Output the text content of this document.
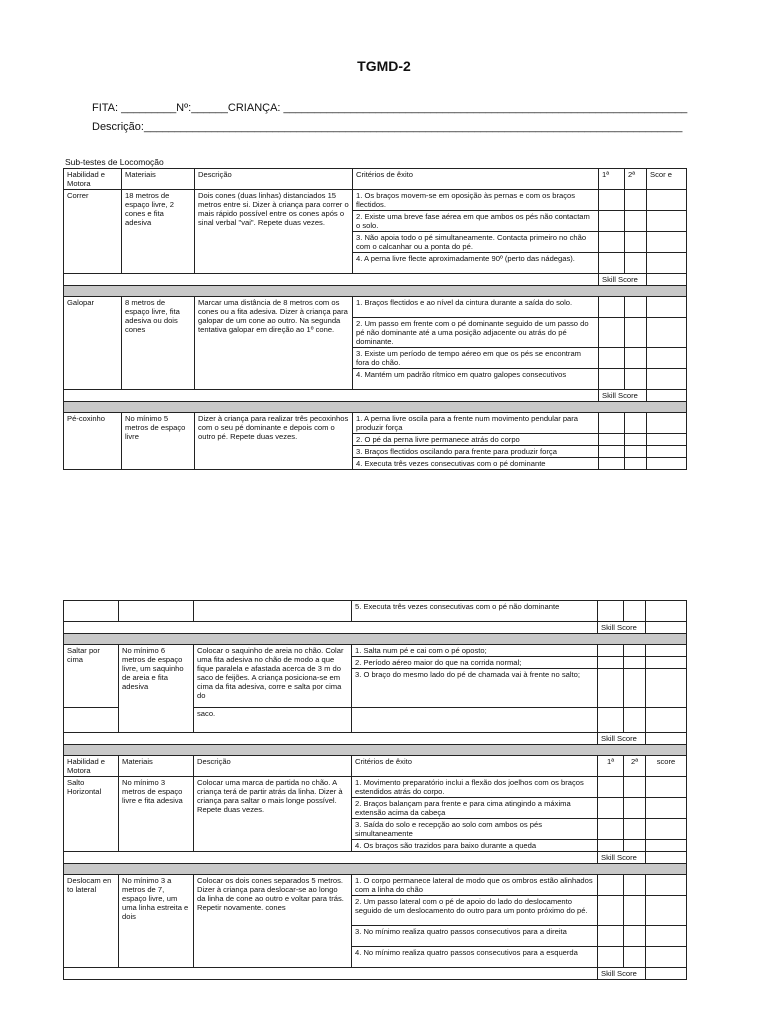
TGMD-2
FITA: _________Nº:______CRIANÇA: __________________________________________________________________
Descrição:________________________________________________________________________________________
Sub-testes de Locomoção
Habilidad e Motora	Materiais	Descrição	Critérios de êxito	1ª	2ª	Scor e
Correr	18 metros de espaço livre, 2 cones e fita adesiva	Dois cones (duas linhas) distanciados 15 metros entre si. Dizer à criança para correr o mais rápido possível entre os cones após o sinal verbal "vai". Repete duas vezes.	1. Os braços movem-se em oposição às pernas e com os braços flectidos.			
			2. Existe uma breve fase aérea em que ambos os pés não contactam o solo.			
			3. Não apoia todo o pé simultaneamente. Contacta primeiro no chão com o calcanhar ou a ponta do pé.			
			4. A perna livre flecte aproximadamente 90º (perto das nádegas).			
				Skill Score		

Galopar	8 metros de espaço livre, fita adesiva ou dois cones	Marcar uma distância de 8 metros com os cones ou a fita adesiva. Dizer à criança para galopar de um cone ao outro. Na segunda tentativa galopar em direção ao 1º cone.	1. Braços flectidos e ao nível da cintura durante a saída do solo.			
			2. Um passo em frente com o pé dominante seguido de um passo do pé não dominante até a uma posição adjacente ou atrás do pé dominante.			
			3. Existe um período de tempo aéreo em que os pés se encontram fora do chão.			
			4. Mantém um padrão rítmico em quatro galopes consecutivos			
				Skill Score		

Pé-coxinho	No mínimo 5 metros de espaço livre	Dizer à criança para realizar três pecoxinhos com o seu pé dominante e depois com o outro pé. Repete duas vezes.	1. A perna livre oscila para a frente num movimento pendular para produzir força			
			2. O pé da perna livre permanece atrás do corpo			
			3. Braços flectidos oscilando para frente para produzir força			
			4. Executa três vezes consecutivas com o pé dominante			
			5. Executa três vezes consecutivas com o pé não dominante			
				Skill Score		

Saltar por cima	No mínimo 6 metros de espaço livre, um saquinho de areia e fita adesiva	Colocar o saquinho de areia no chão. Colar uma fita adesiva no chão de modo a que fique paralela e afastada acerca de 3 m do saco de feijões. A criança posiciona-se em cima da fita adesiva, corre e salta por cima do	1. Salta num pé e cai com o pé oposto;			
			2. Período aéreo maior do que na corrida normal;			
			3. O braço do mesmo lado do pé de chamada vai à frente no salto;			
		saco.				
				Skill Score		

Habilidad e Motora	Materiais	Descrição	Critérios de êxito	1ª	2ª	score
Salto Horizontal	No mínimo 3 metros de espaço livre e fita adesiva	Colocar uma marca de partida no chão. A criança terá de partir atrás da linha. Dizer à criança para saltar o mais longe possível. Repete duas vezes.	1. Movimento preparatório inclui a flexão dos joelhos com os braços estendidos atrás do corpo.			
			2. Braços balançam para frente e para cima atingindo a máxima extensão acima da cabeça			
			3. Saída do solo e recepção ao solo com ambos os pés simultaneamente			
			4. Os braços são trazidos para baixo durante a queda			
				Skill Score		

Deslocam en to lateral	No mínimo 3 a metros de 7, espaço livre, um uma linha estreita e dois	Colocar os dois cones separados 5 metros. Dizer à criança para deslocar-se ao longo da linha de cone ao outro e voltar para trás. Repetir novamente. cones	1. O corpo permanece lateral de modo que os ombros estão alinhados com a linha do chão			
			2. Um passo lateral com o pé de apoio do lado do deslocamento seguido de um deslocamento do outro para um ponto próximo do pé.			
			3. No mínimo realiza quatro passos consecutivos para a direita			
			4. No mínimo realiza quatro passos consecutivos para a esquerda			
				Skill Score		
